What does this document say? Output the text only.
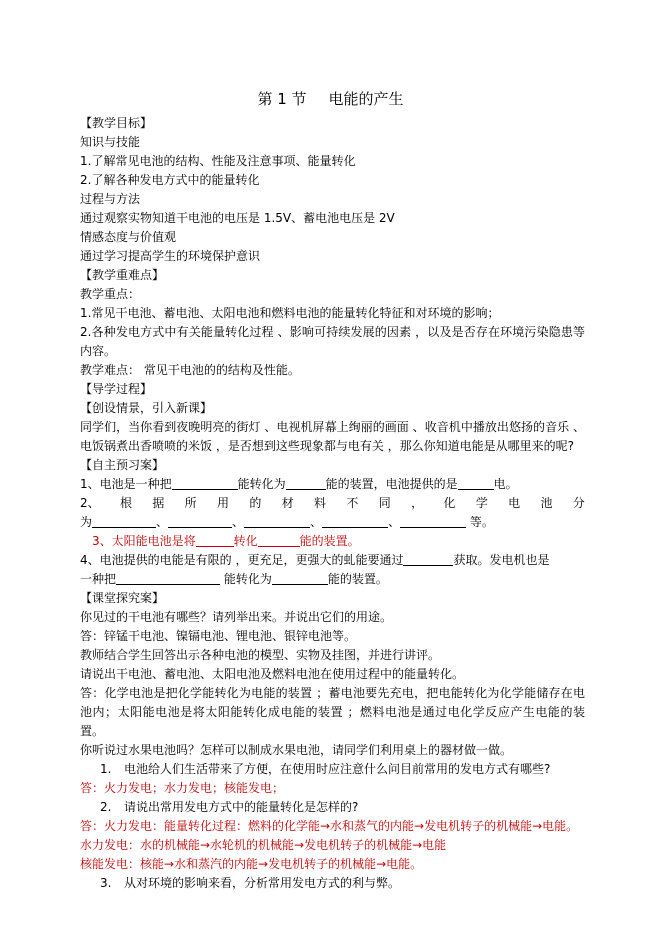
第 1 节 电能的产生
【教学目标】
知识与技能
1.了解常见电池的结构、性能及注意事项、能量转化
2.了解各种发电方式中的能量转化
过程与方法
通过观察实物知道干电池的电压是 1.5V、蓄电池电压是 2V
情感态度与价值观
通过学习提高学生的环境保护意识
【教学重难点】
教学重点：
1.常见干电池、蓄电池、太阳电池和燃料电池的能量转化特征和对环境的影响；
2.各种发电方式中有关能量转化过程 、影响可持续发展的因素 ，以及是否存在环境污染隐患等内容。
教学难点： 常见干电池的的结构及性能。
【导学过程】
【创设情景，引入新课】
同学们，当你看到夜晚明亮的街灯 、电视机屏幕上绚丽的画面 、收音机中播放出悠扬的音乐 、电饭锅煮出香喷喷的米饭 ，是否想到这些现象都与电有关 ，那么你知道电能是从哪里来的呢?
【自主预习案】
1、电池是一种把	能转化为	能的装置，电池提供的是	电。
2、 根 据 所 用 的 材 料 不 同 ， 化 学 电 池 分
为	、	、	、	、	等。
3、太阳能电池是将	转化	能的装置。
4、电池提供的电能是有限的 ，更充足，更强大的虬能要通过	获取。发电机也是
一种把	能转化为	能的装置。
【课堂探究案】
你见过的干电池有哪些？请列举出来。并说出它们的用途。
答：锌锰干电池、镍镉电池、锂电池、银锌电池等。
教师结合学生回答出示各种电池的模型、实物及挂图，并进行讲评。
请说出干电池、蓄电池、太阳电池及燃料电池在使用过程中的能量转化。
答：化学电池是把化学能转化为电能的装置 ；蓄电池要先充电，把电能转化为化学能储存在电池内；太阳能电池是将太阳能转化成电能的装置 ；燃料电池是通过电化学反应产生电能的装置。
你听说过水果电池吗？怎样可以制成水果电池，请同学们利用桌上的器材做一做。
1. 电池给人们生活带来了方便，在使用时应注意什么问目前常用的发电方式有哪些?
答：火力发电；水力发电；核能发电；
2. 请说出常用发电方式中的能量转化是怎样的?
答：火力发电：能量转化过程：燃料的化学能→水和蒸气的内能→发电机转子的机械能→电能。
水力发电：水的机械能→水轮机的机械能→发电机转子的机械能→电能
核能发电：核能→水和蒸汽的内能→发电机转子的机械能→电能。
3. 从对环境的影响来看，分析常用发电方式的利与弊。
